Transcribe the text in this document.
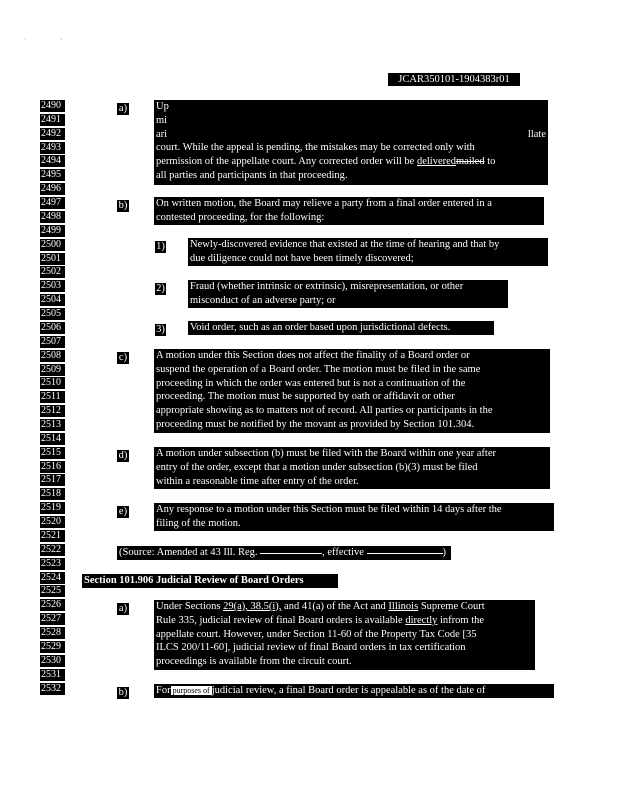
·	·
JCAR350101-1904383r01
2490
2491
2492
2493
2494
2495
2496
2497
2498
2499
2500
2501
2502
2503
2504
2505
2506
2507
2508
2509
2510
2511
2512
2513
2514
2515
2516
2517
2518
2519
2520
2521
2522
2523
2524
2525
2526
2527
2528
2529
2530
2531
2532
a)	Up
mi
ari	llate
court. While the appeal is pending, the mistakes may be corrected only with
permission of the appellate court. Any corrected order will be deliveredmailed to
all parties and participants in that proceeding.
b)	On written motion, the Board may relieve a party from a final order entered in a
contested proceeding, for the following:
1) Newly-discovered evidence that existed at the time of hearing and that by
due diligence could not have been timely discovered;
2) Fraud (whether intrinsic or extrinsic), misrepresentation, or other
misconduct of an adverse party; or
3) Void order, such as an order based upon jurisdictional defects.
c)	A motion under this Section does not affect the finality of a Board order or
suspend the operation of a Board order. The motion must be filed in the same
proceeding in which the order was entered but is not a continuation of the
proceeding. The motion must be supported by oath or affidavit or other
appropriate showing as to matters not of record. All parties or participants in the
proceeding must be notified by the movant as provided by Section 101.304.
d)	A motion under subsection (b) must be filed with the Board within one year after
entry of the order, except that a motion under subsection (b)(3) must be filed
within a reasonable time after entry of the order.
e)	Any response to a motion under this Section must be filed within 14 days after the
filing of the motion.
(Source: Amended at 43 Ill. Reg.	, effective	)
Section 101.906 Judicial Review of Board Orders
a)	Under Sections 29(a), 38.5(i), and 41(a) of the Act and Illinois Supreme Court
Rule 335, judicial review of final Board orders is available directly infrom the
appellate court. However, under Section 11-60 of the Property Tax Code [35
ILCS 200/11-60], judicial review of final Board orders in tax certification
proceedings is available from the circuit court.
b)	For purposes of judicial review, a final Board order is appealable as of the date of
